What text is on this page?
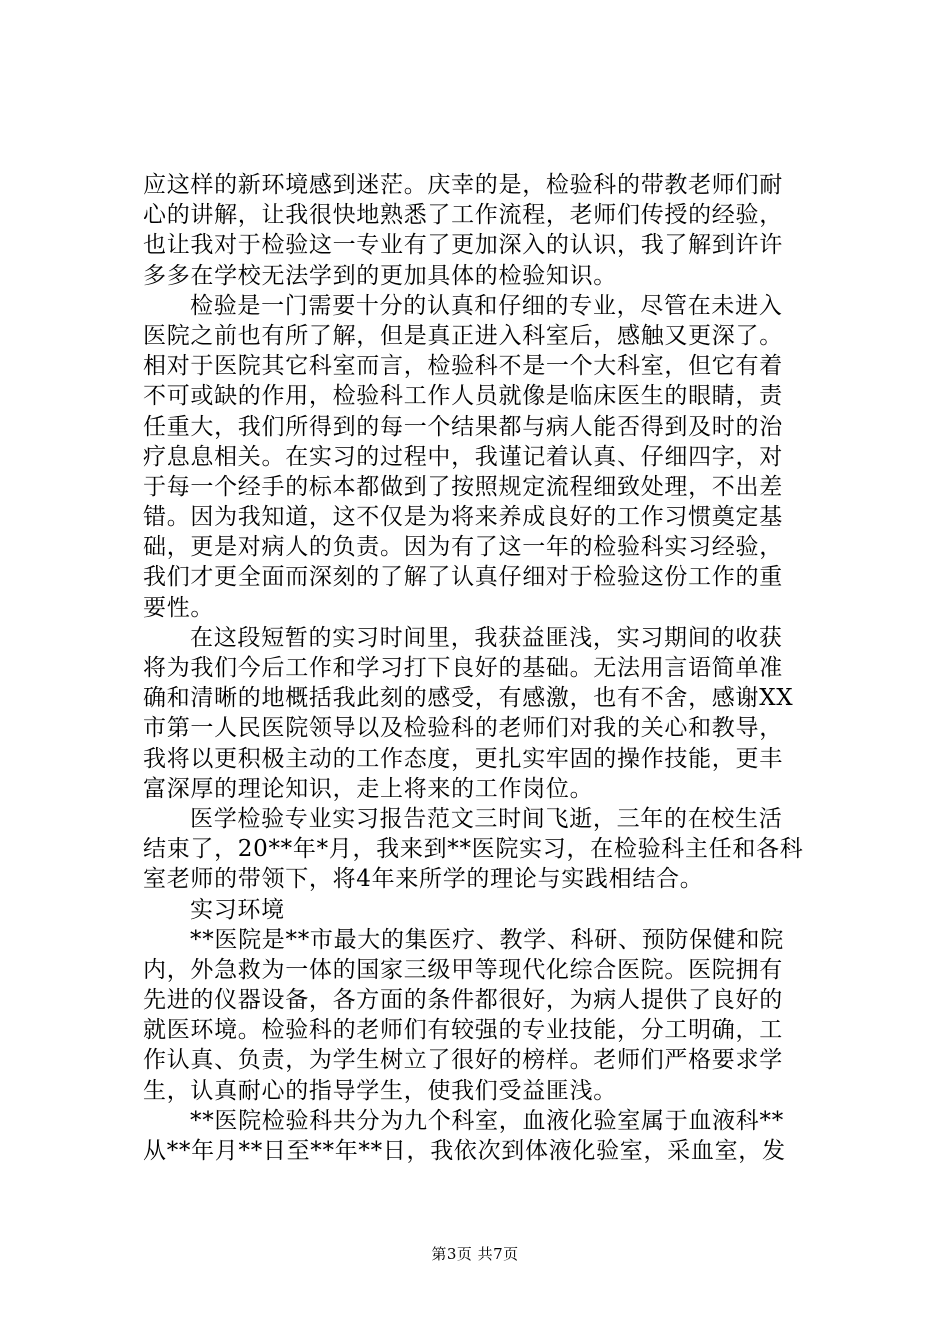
应这样的新环境感到迷茫。庆幸的是，检验科的带教老师们耐
心的讲解，让我很快地熟悉了工作流程，老师们传授的经验，
也让我对于检验这一专业有了更加深入的认识，我了解到许许
多多在学校无法学到的更加具体的检验知识。
检验是一门需要十分的认真和仔细的专业，尽管在未进入
医院之前也有所了解，但是真正进入科室后，感触又更深了。
相对于医院其它科室而言，检验科不是一个大科室，但它有着
不可或缺的作用，检验科工作人员就像是临床医生的眼睛，责
任重大，我们所得到的每一个结果都与病人能否得到及时的治
疗息息相关。在实习的过程中，我谨记着认真、仔细四字，对
于每一个经手的标本都做到了按照规定流程细致处理，不出差
错。因为我知道，这不仅是为将来养成良好的工作习惯奠定基
础，更是对病人的负责。因为有了这一年的检验科实习经验，
我们才更全面而深刻的了解了认真仔细对于检验这份工作的重
要性。
在这段短暂的实习时间里，我获益匪浅，实习期间的收获
将为我们今后工作和学习打下良好的基础。无法用言语简单准
确和清晰的地概括我此刻的感受，有感激，也有不舍，感谢XX
市第一人民医院领导以及检验科的老师们对我的关心和教导，
我将以更积极主动的工作态度，更扎实牢固的操作技能，更丰
富深厚的理论知识，走上将来的工作岗位。
医学检验专业实习报告范文三时间飞逝，三年的在校生活
结束了，20**年*月，我来到**医院实习，在检验科主任和各科
室老师的带领下，将4年来所学的理论与实践相结合。
实习环境
**医院是**市最大的集医疗、教学、科研、预防保健和院
内，外急救为一体的国家三级甲等现代化综合医院。医院拥有
先进的仪器设备，各方面的条件都很好，为病人提供了良好的
就医环境。检验科的老师们有较强的专业技能，分工明确，工
作认真、负责，为学生树立了很好的榜样。老师们严格要求学
生，认真耐心的指导学生，使我们受益匪浅。
**医院检验科共分为九个科室，血液化验室属于血液科**
从**年月**日至**年**日，我依次到体液化验室，采血室，发
第3页 共7页
